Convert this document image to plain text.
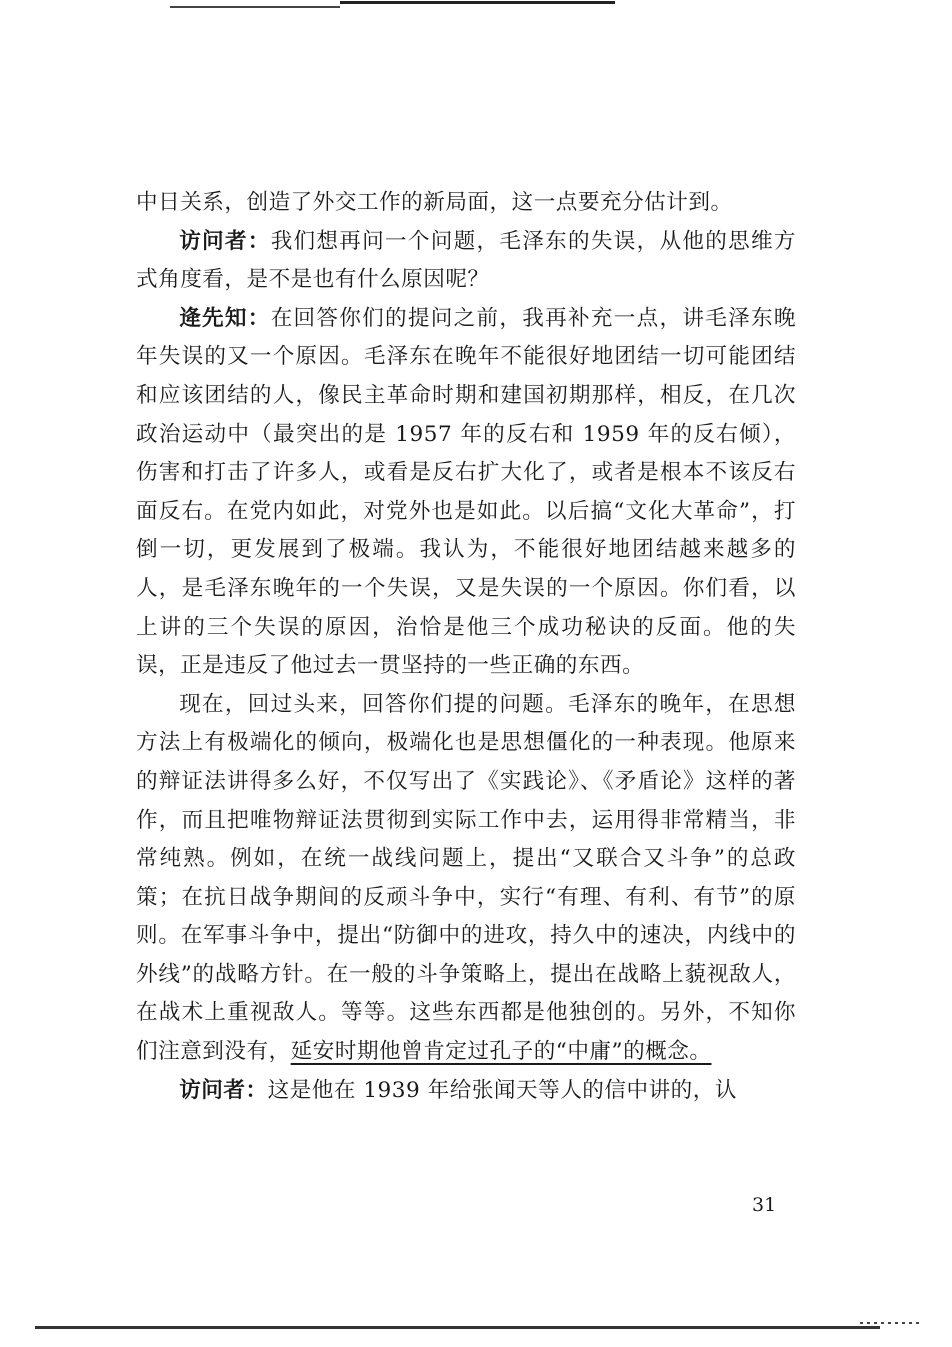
中日关系，创造了外交工作的新局面，这一点要充分估计到。

访问者：我们想再问一个问题，毛泽东的失误，从他的思维方式角度看，是不是也有什么原因呢？

逄先知：在回答你们的提问之前，我再补充一点，讲毛泽东晚年失误的又一个原因。毛泽东在晚年不能很好地团结一切可能团结和应该团结的人，像民主革命时期和建国初期那样，相反，在几次政治运动中（最突出的是 1957 年的反右和 1959 年的反右倾），伤害和打击了许多人，或看是反右扩大化了，或者是根本不该反右面反右。在党内如此，对党外也是如此。以后搞“文化大革命”，打倒一切，更发展到了极端。我认为，不能很好地团结越来越多的人，是毛泽东晚年的一个失误，又是失误的一个原因。你们看，以上讲的三个失误的原因，治恰是他三个成功秘诀的反面。他的失误，正是违反了他过去一贯坚持的一些正确的东西。

现在，回过头来，回答你们提的问题。毛泽东的晚年，在思想方法上有极端化的倾向，极端化也是思想僵化的一种表现。他原来的辩证法讲得多么好，不仅写出了《实践论》、《矛盾论》这样的著作，而且把唯物辩证法贯彻到实际工作中去，运用得非常精当，非常纯熟。例如，在统一战线问题上，提出“又联合又斗争”的总政策；在抗日战争期间的反顽斗争中，实行“有理、有利、有节”的原则。在军事斗争中，提出“防御中的进攻，持久中的速决，内线中的外线”的战略方针。在一般的斗争策略上，提出在战略上藐视敌人，在战术上重视敌人。等等。这些东西都是他独创的。另外，不知你们注意到没有，延安时期他曾肯定过孔子的“中庸”的概念。

访问者：这是他在 1939 年给张闻天等人的信中讲的，认

31
